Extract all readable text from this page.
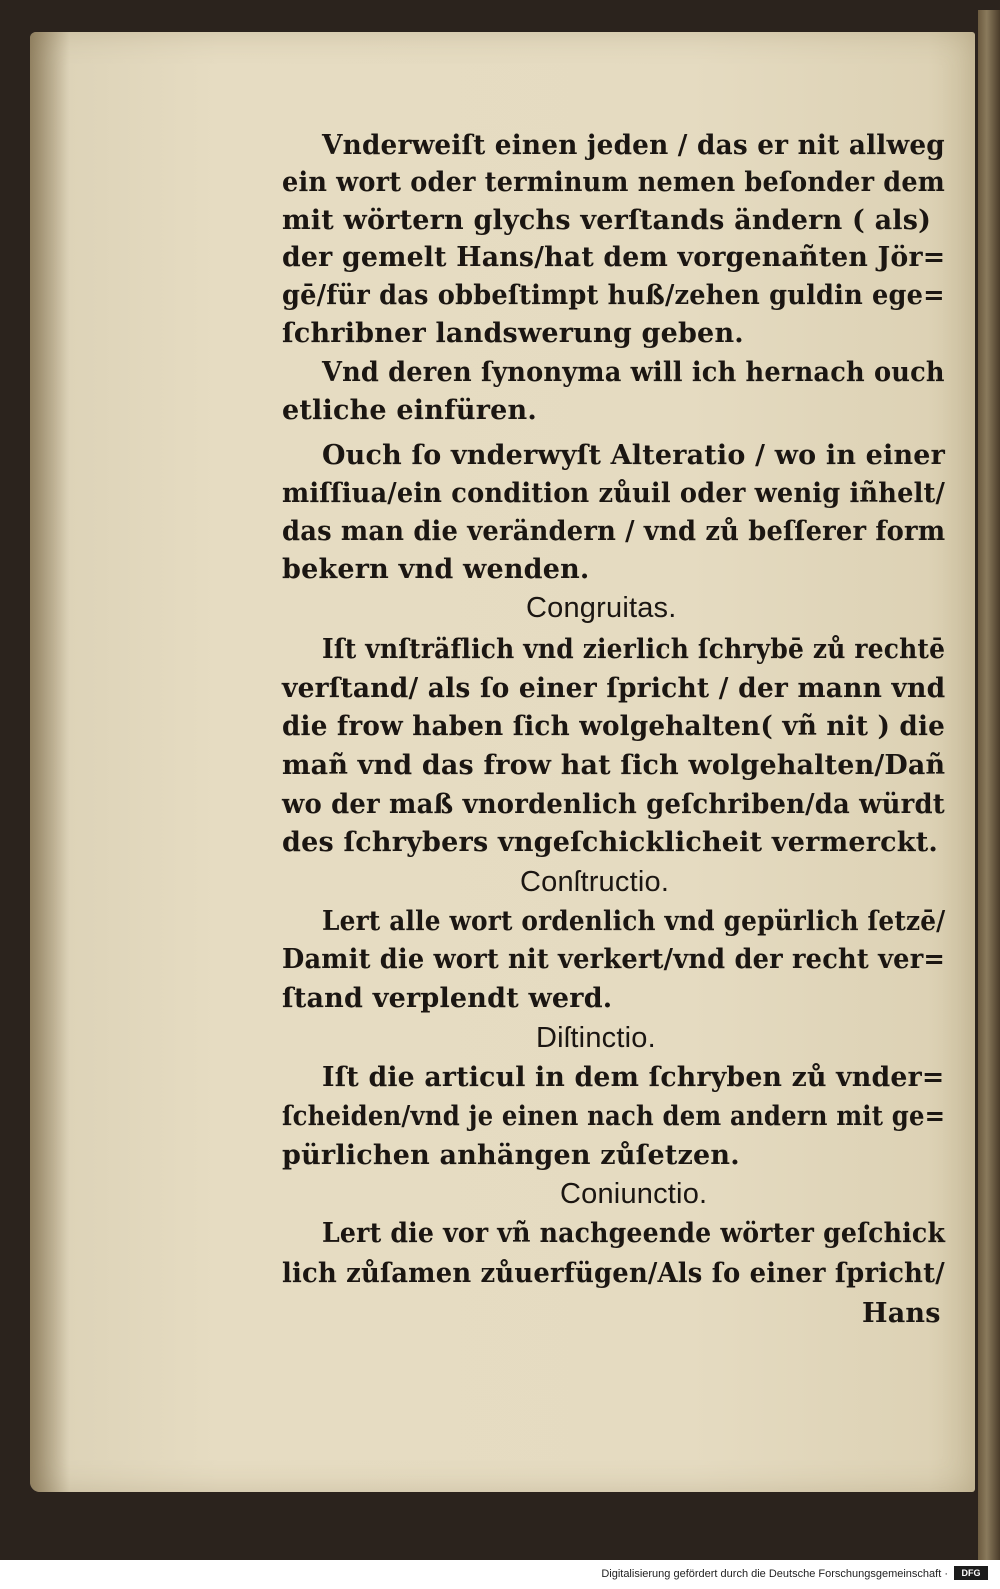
Vnderweiſt einen jeden / das er nit allweg
ein wort oder terminum nemen beſonder dem
mit wörtern glychs verſtands ändern ( als)
der gemelt Hans/hat dem vorgenañten Jör=
gē/für das obbeſtimpt huß/zehen guldin ege=
ſchribner landswerung geben.
Vnd deren ſynonyma will ich hernach ouch
etliche einfüren.
Ouch ſo vnderwyſt Alteratio / wo in einer
miſſiua/ein condition zůuil oder wenig iñhelt/
das man die verändern / vnd zů beſſerer form
bekern vnd wenden.
Congruitas.
Iſt vnſträflich vnd zierlich ſchrybē zů rechtē
verſtand/ als ſo einer ſpricht / der mann vnd
die frow haben ſich wolgehalten( vñ nit ) die
mañ vnd das frow hat ſich wolgehalten/Dañ
wo der maß vnordenlich geſchriben/da würdt
des ſchrybers vngeſchicklicheit vermerckt.
Conſtructio.
Lert alle wort ordenlich vnd gepürlich ſetzē/
Damit die wort nit verkert/vnd der recht ver=
ſtand verplendt werd.
Diſtinctio.
Iſt die articul in dem ſchryben zů vnder=
ſcheiden/vnd je einen nach dem andern mit ge=
pürlichen anhängen zůſetzen.
Coniunctio.
Lert die vor vñ nachgeende wörter geſchick
lich zůſamen zůuerfügen/Als ſo einer ſpricht/
Hans
Digitalisierung gefördert durch die Deutsche Forschungsgemeinschaft ·	DFG
